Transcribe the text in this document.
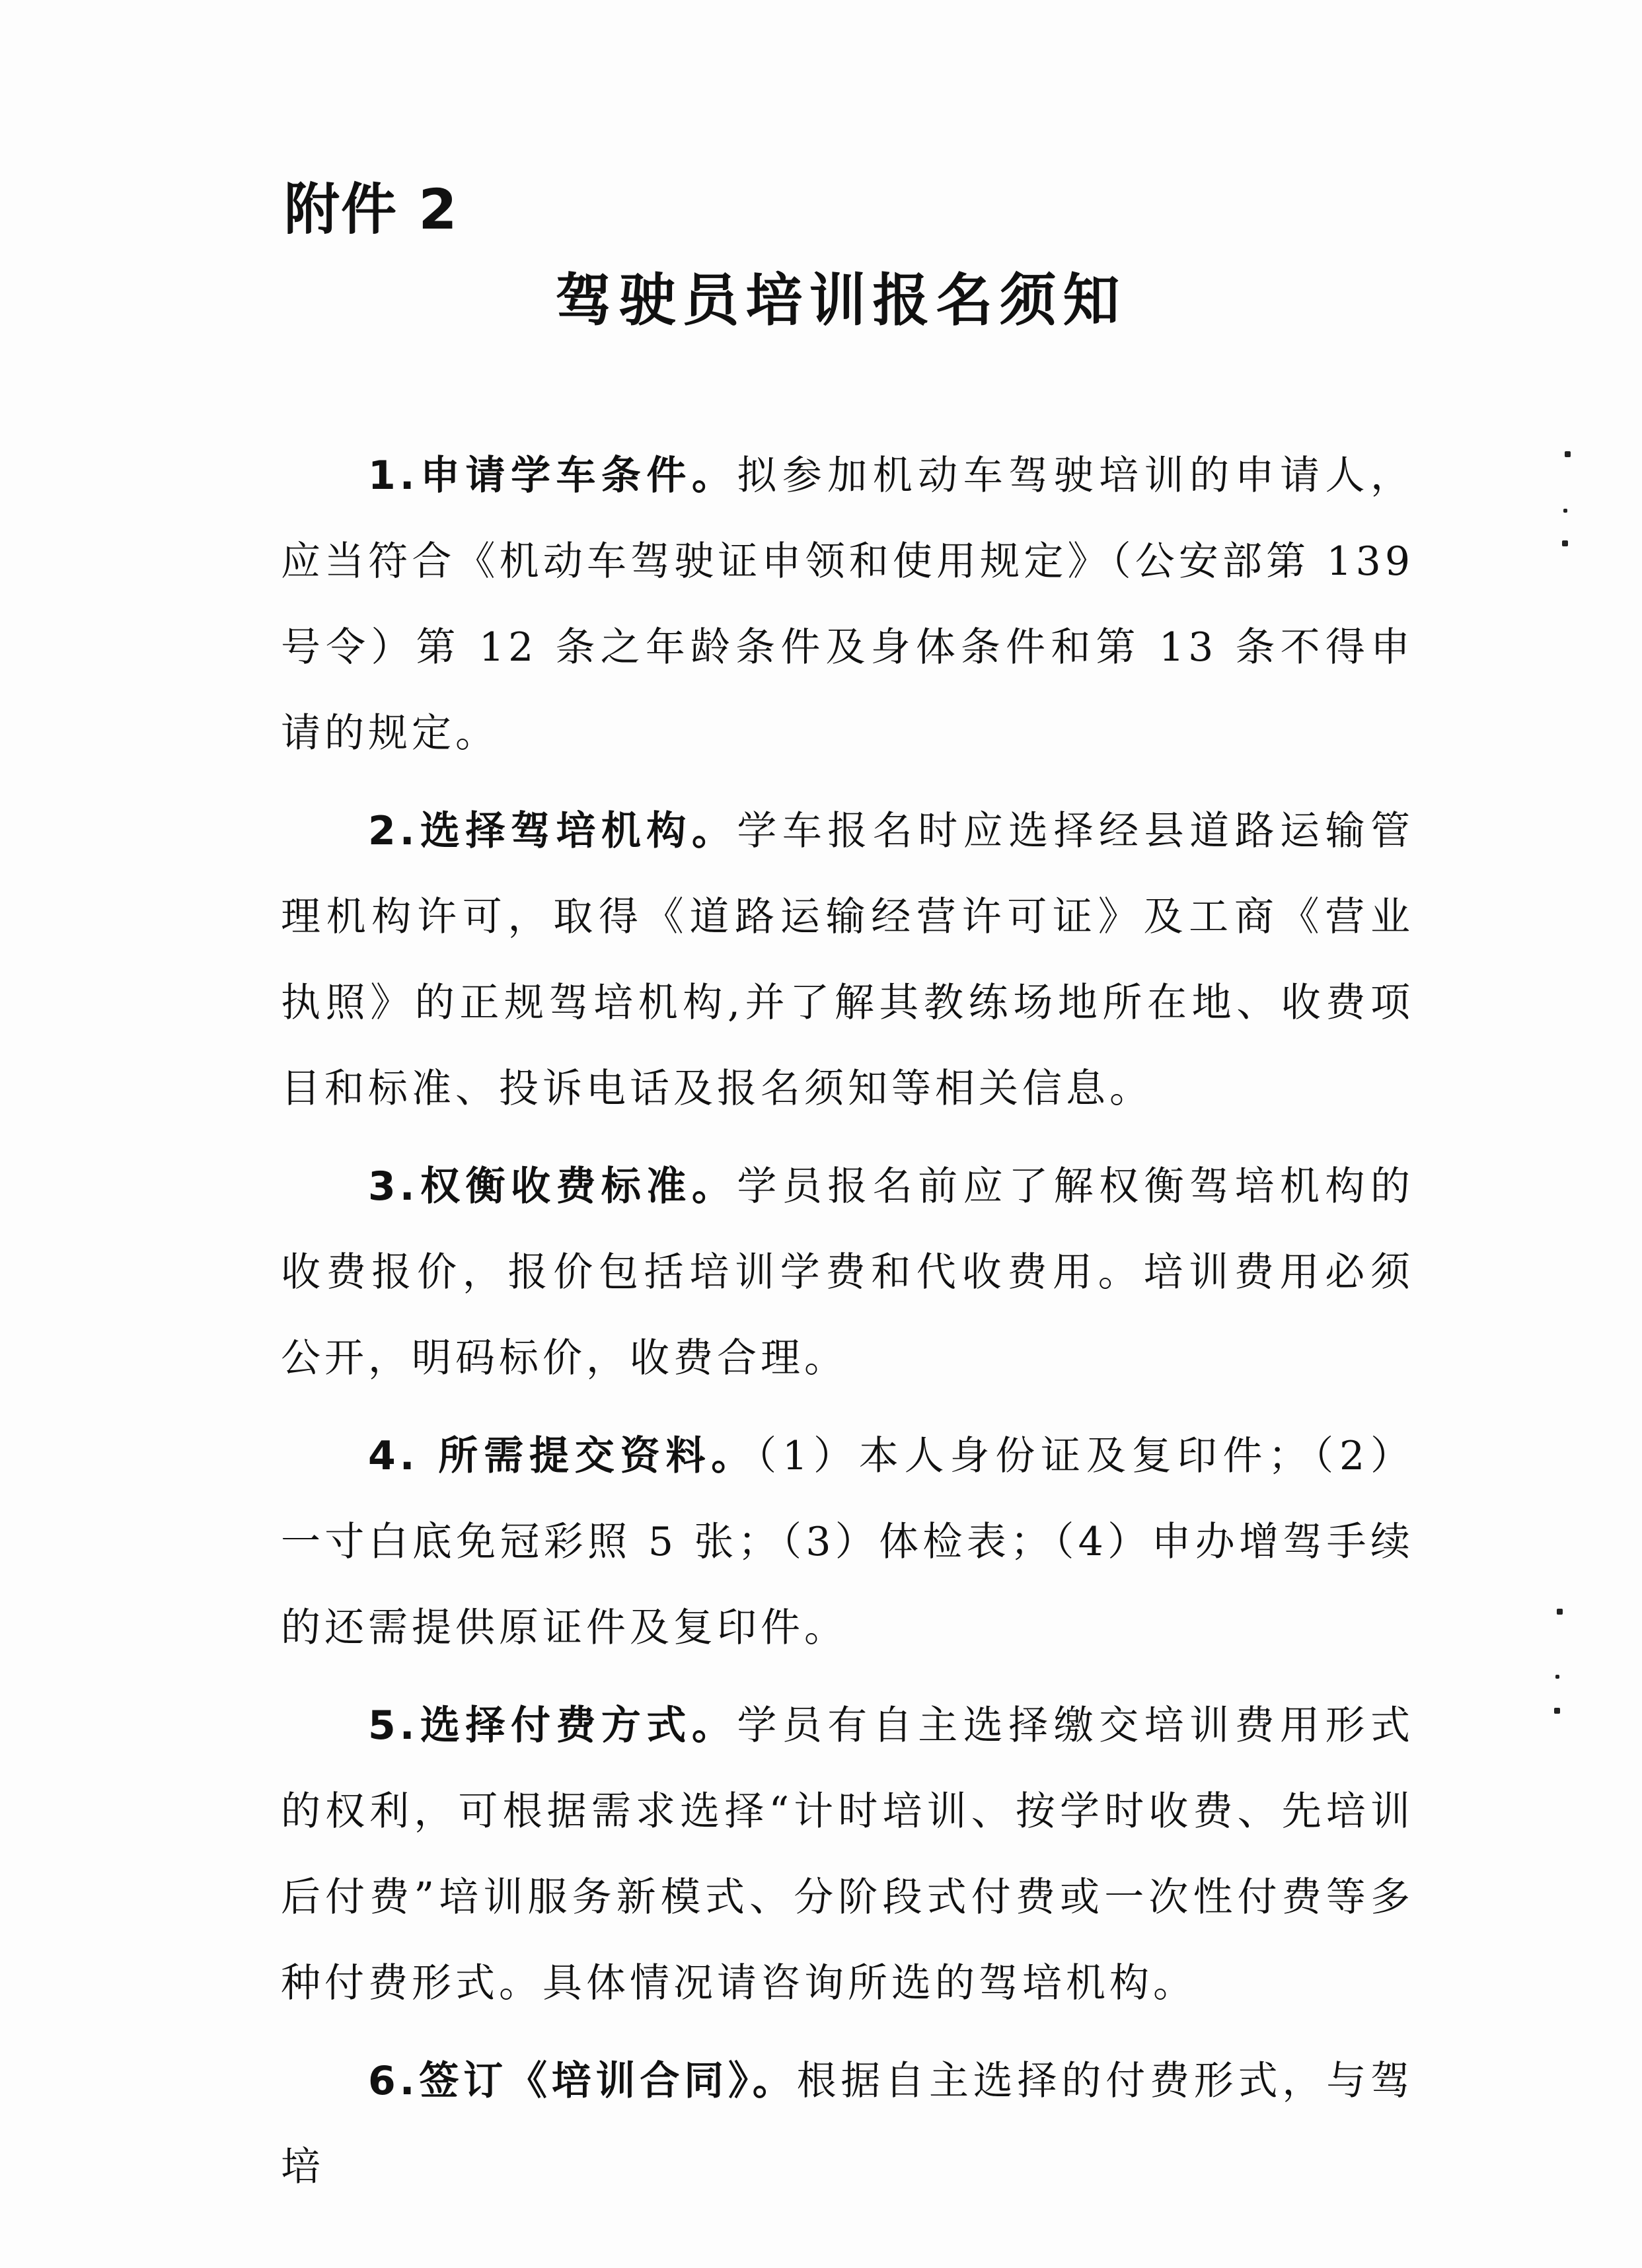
附件 2
驾驶员培训报名须知

1.申请学车条件。拟参加机动车驾驶培训的申请人，应当符合《机动车驾驶证申领和使用规定》（公安部第 139 号令）第 12 条之年龄条件及身体条件和第 13 条不得申请的规定。

2.选择驾培机构。学车报名时应选择经县道路运输管理机构许可，取得《道路运输经营许可证》及工商《营业执照》的正规驾培机构,并了解其教练场地所在地、收费项目和标准、投诉电话及报名须知等相关信息。

3.权衡收费标准。学员报名前应了解权衡驾培机构的收费报价，报价包括培训学费和代收费用。培训费用必须公开，明码标价，收费合理。

4. 所需提交资料。（1）本人身份证及复印件；（2）一寸白底免冠彩照 5 张；（3）体检表；（4）申办增驾手续的还需提供原证件及复印件。

5.选择付费方式。学员有自主选择缴交培训费用形式的权利，可根据需求选择“计时培训、按学时收费、先培训后付费”培训服务新模式、分阶段式付费或一次性付费等多种付费形式。具体情况请咨询所选的驾培机构。

6.签订《培训合同》。根据自主选择的付费形式，与驾培
